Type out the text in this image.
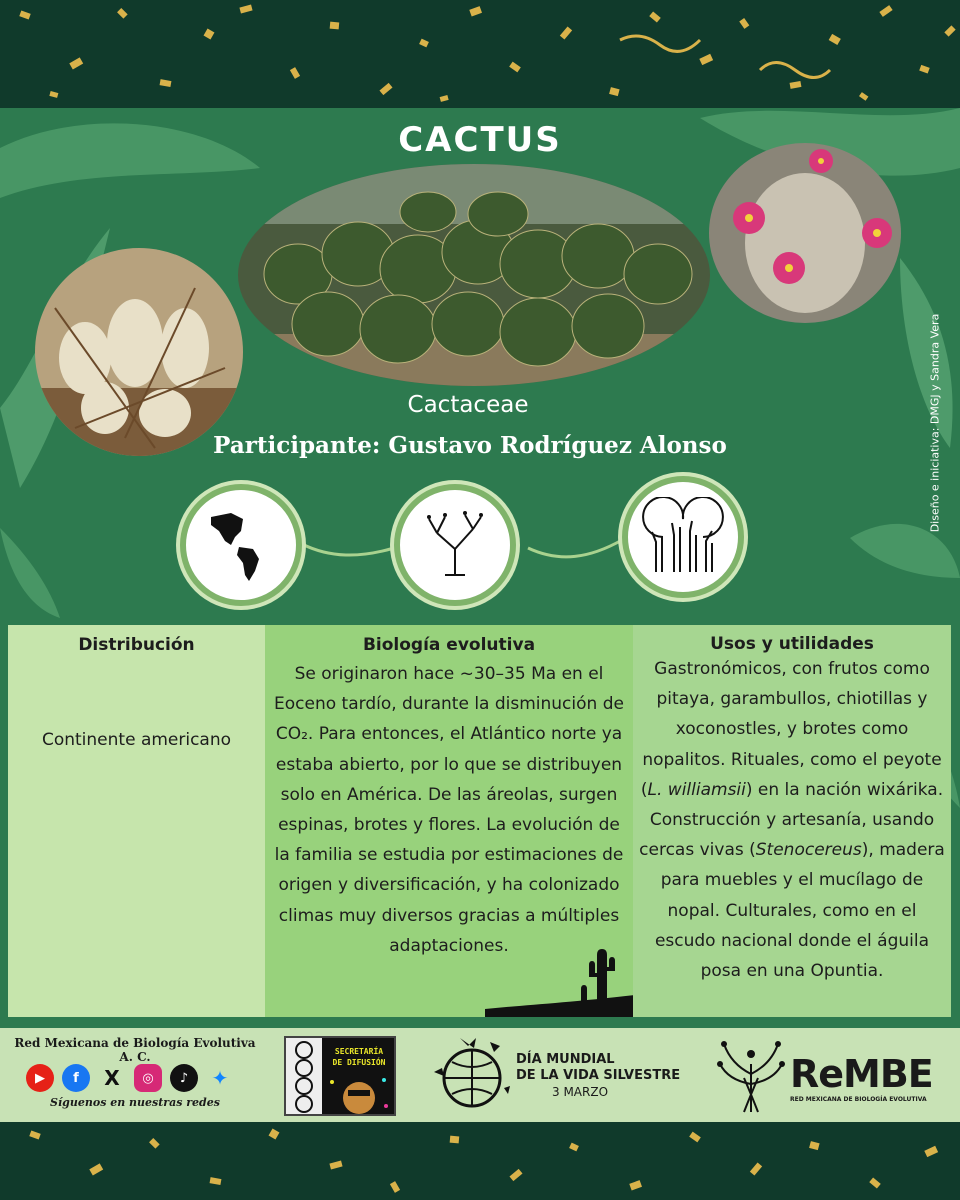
CACTUS
Cactaceae
Participante: Gustavo Rodríguez Alonso	Diseño e iniciativa: DMGJ y Sandra Vera
Distribución

Continente americano

Biología evolutiva

Se originaron hace ~30–35 Ma en el Eoceno tardío, durante la disminución de CO₂. Para entonces, el Atlántico norte ya estaba abierto, por lo que se distribuyen solo en América. De las áreolas, surgen espinas, brotes y flores. La evolución de la familia se estudia por estimaciones de origen y diversificación, y ha colonizado climas muy diversos gracias a múltiples adaptaciones.

Usos y utilidades

Gastronómicos, con frutos como pitaya, garambullos, chiotillas y xoconostles, y brotes como nopalitos. Rituales, como el peyote (L. williamsii) en la nación wixárika. Construcción y artesanía, usando cercas vivas (Stenocereus), madera para muebles y el mucílago de nopal. Culturales, como en el escudo nacional donde el águila posa en una Opuntia.

Red Mexicana de Biología Evolutiva A. C.
▶	f	X	◎	♪	✦
Síguenos en nuestras redes
SECRETARÍA
DE DIFUSIÓN	DÍA MUNDIAL
DE LA VIDA SILVESTRE
3 MARZO	ReMBE
RED MEXICANA DE BIOLOGÍA EVOLUTIVA
